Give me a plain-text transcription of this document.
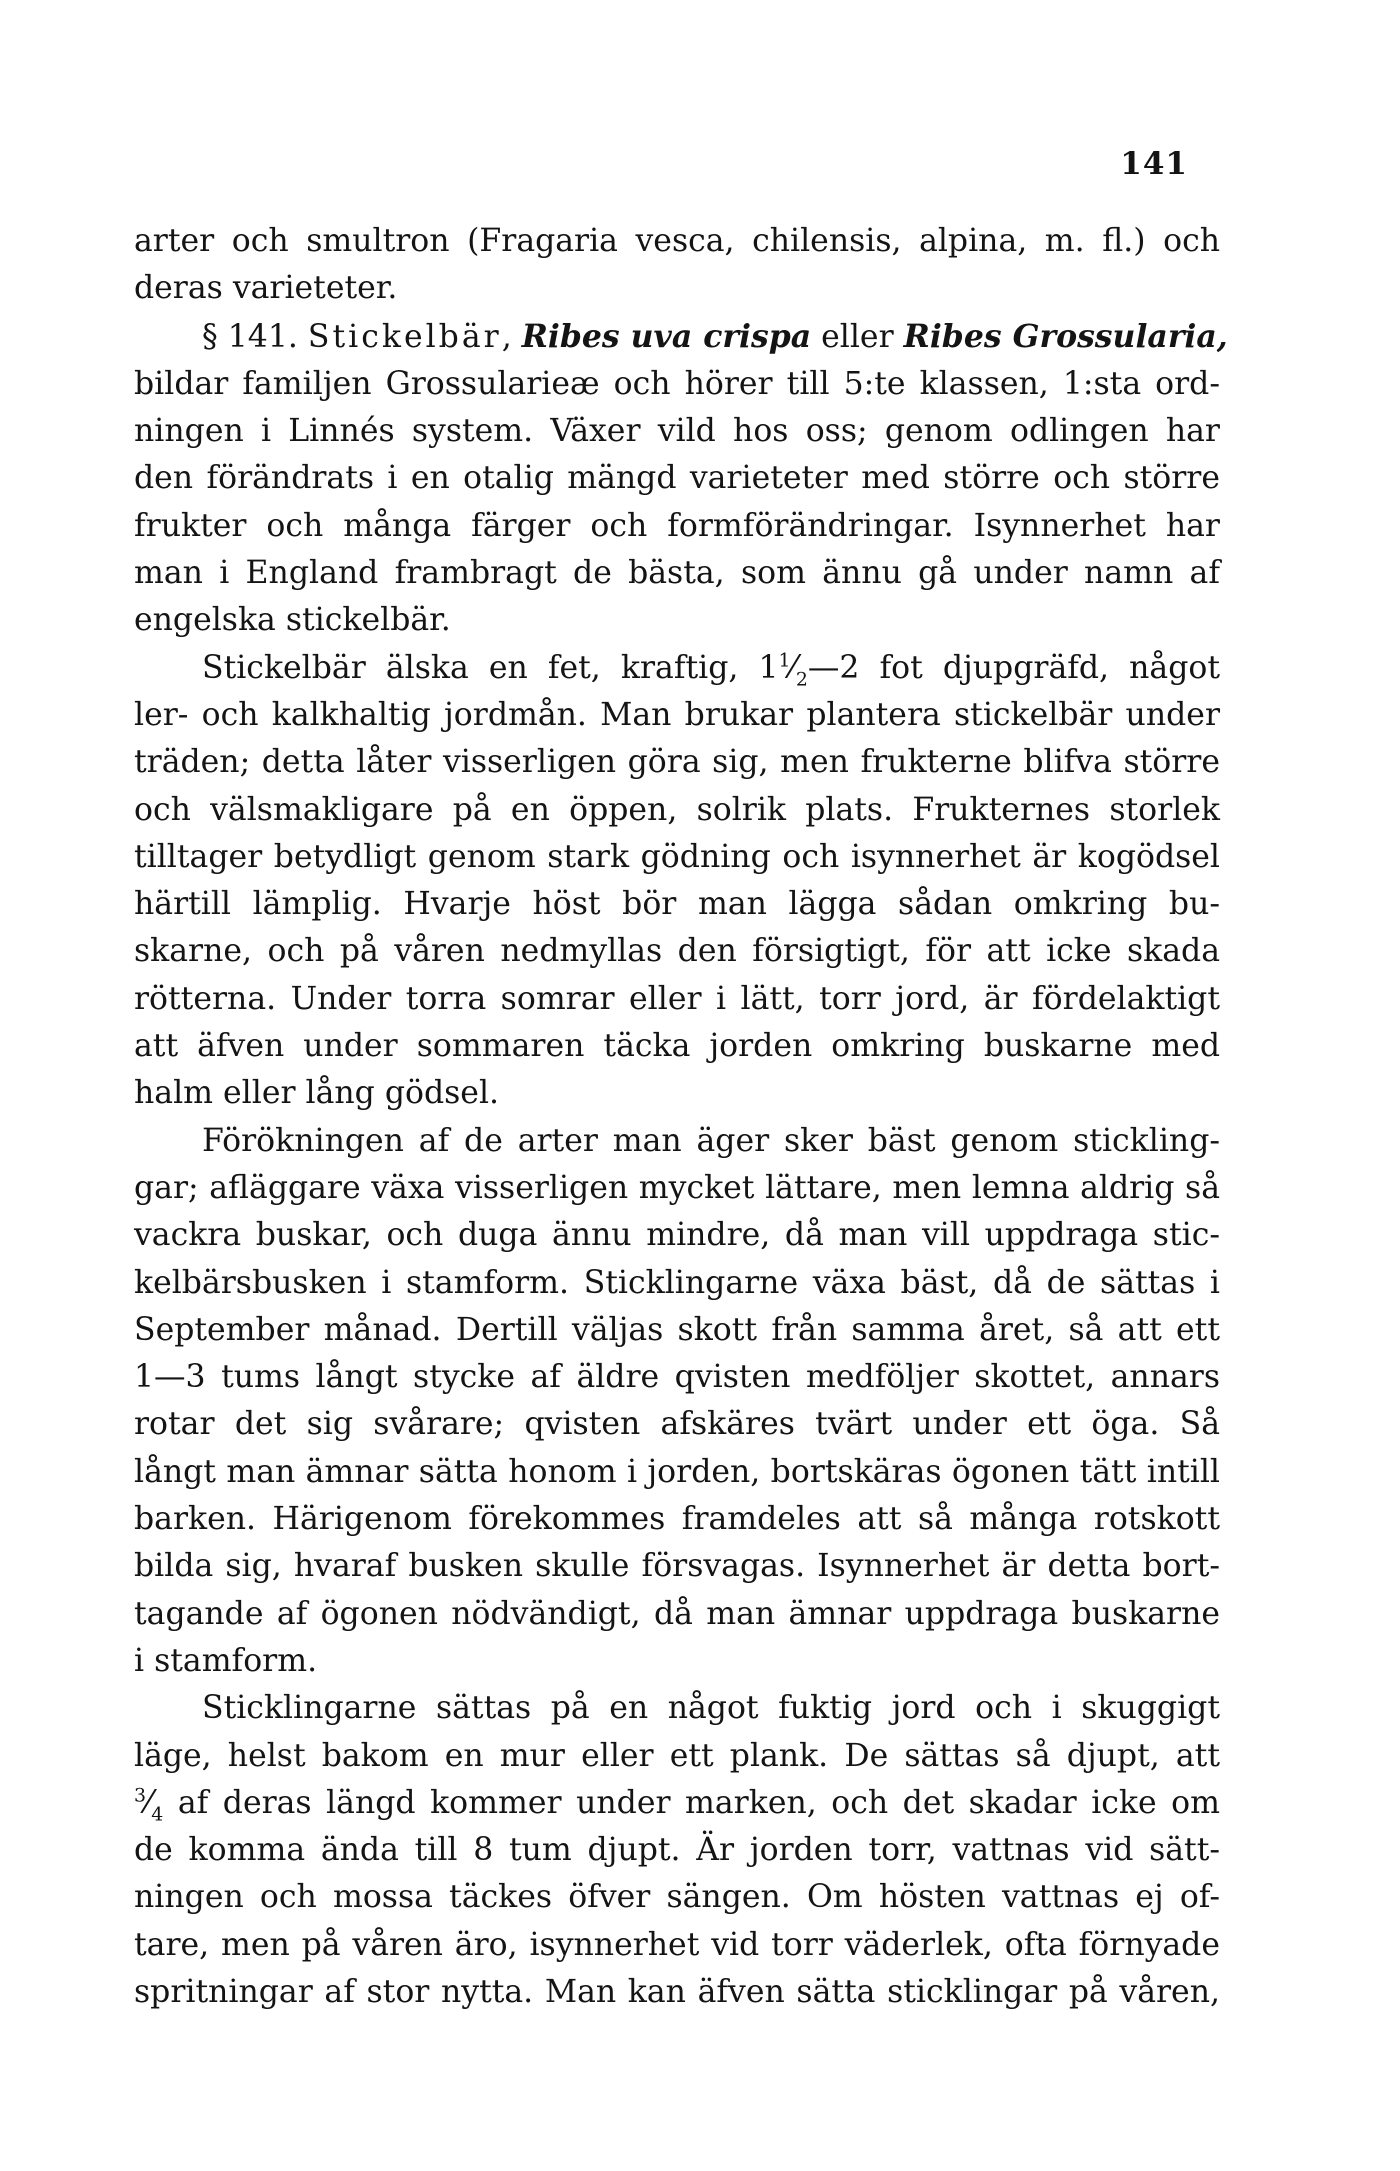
141
arter och smultron (Fragaria vesca, chilensis, alpina, m. fl.) och
deras varieteter.
§ 141. Stickelbär, Ribes uva crispa eller Ribes Grossularia,
bildar familjen Grossularieæ och hörer till 5:te klassen, 1:sta ord-
ningen i Linnés system. Växer vild hos oss; genom odlingen har
den förändrats i en otalig mängd varieteter med större och större
frukter och många färger och formförändringar. Isynnerhet har
man i England frambragt de bästa, som ännu gå under namn af
engelska stickelbär.
Stickelbär älska en fet, kraftig, $1^1⁄_2—2$ fot djupgräfd, något
ler- och kalkhaltig jordmån. Man brukar plantera stickelbär under
träden; detta låter visserligen göra sig, men frukterne blifva större
och välsmakligare på en öppen, solrik plats. Frukternes storlek
tilltager betydligt genom stark gödning och isynnerhet är kogödsel
härtill lämplig. Hvarje höst bör man lägga sådan omkring bu-
skarne, och på våren nedmyllas den försigtigt, för att icke skada
rötterna. Under torra somrar eller i lätt, torr jord, är fördelaktigt
att äfven under sommaren täcka jorden omkring buskarne med
halm eller lång gödsel.
Förökningen af de arter man äger sker bäst genom stickling-
gar; afläggare växa visserligen mycket lättare, men lemna aldrig så
vackra buskar, och duga ännu mindre, då man vill uppdraga stic-
kelbärsbusken i stamform. Sticklingarne växa bäst, då de sättas i
September månad. Dertill väljas skott från samma året, så att ett
1—3 tums långt stycke af äldre qvisten medföljer skottet, annars
rotar det sig svårare; qvisten afskäres tvärt under ett öga. Så
långt man ämnar sätta honom i jorden, bortskäras ögonen tätt intill
barken. Härigenom förekommes framdeles att så många rotskott
bilda sig, hvaraf busken skulle försvagas. Isynnerhet är detta bort-
tagande af ögonen nödvändigt, då man ämnar uppdraga buskarne
i stamform.
Sticklingarne sättas på en något fuktig jord och i skuggigt
läge, helst bakom en mur eller ett plank. De sättas så djupt, att
$^3⁄_4$ af deras längd kommer under marken, och det skadar icke om
de komma ända till 8 tum djupt. Är jorden torr, vattnas vid sätt-
ningen och mossa täckes öfver sängen. Om hösten vattnas ej of-
tare, men på våren äro, isynnerhet vid torr väderlek, ofta förnyade
spritningar af stor nytta. Man kan äfven sätta sticklingar på våren,
